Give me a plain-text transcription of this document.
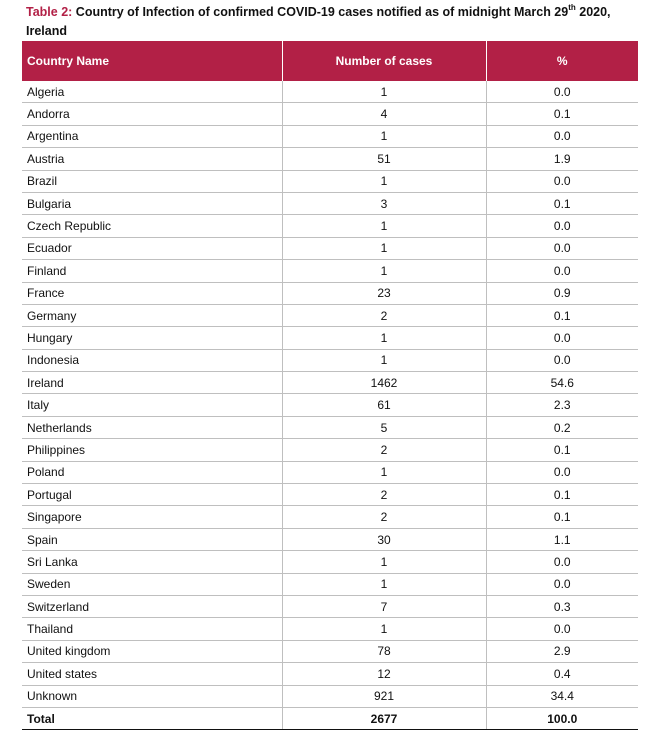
Table 2: Country of Infection of confirmed COVID-19 cases notified as of midnight March 29th 2020, Ireland
Country Name	Number of cases	%
Algeria	1	0.0
Andorra	4	0.1
Argentina	1	0.0
Austria	51	1.9
Brazil	1	0.0
Bulgaria	3	0.1
Czech Republic	1	0.0
Ecuador	1	0.0
Finland	1	0.0
France	23	0.9
Germany	2	0.1
Hungary	1	0.0
Indonesia	1	0.0
Ireland	1462	54.6
Italy	61	2.3
Netherlands	5	0.2
Philippines	2	0.1
Poland	1	0.0
Portugal	2	0.1
Singapore	2	0.1
Spain	30	1.1
Sri Lanka	1	0.0
Sweden	1	0.0
Switzerland	7	0.3
Thailand	1	0.0
United kingdom	78	2.9
United states	12	0.4
Unknown	921	34.4
Total	2677	100.0
